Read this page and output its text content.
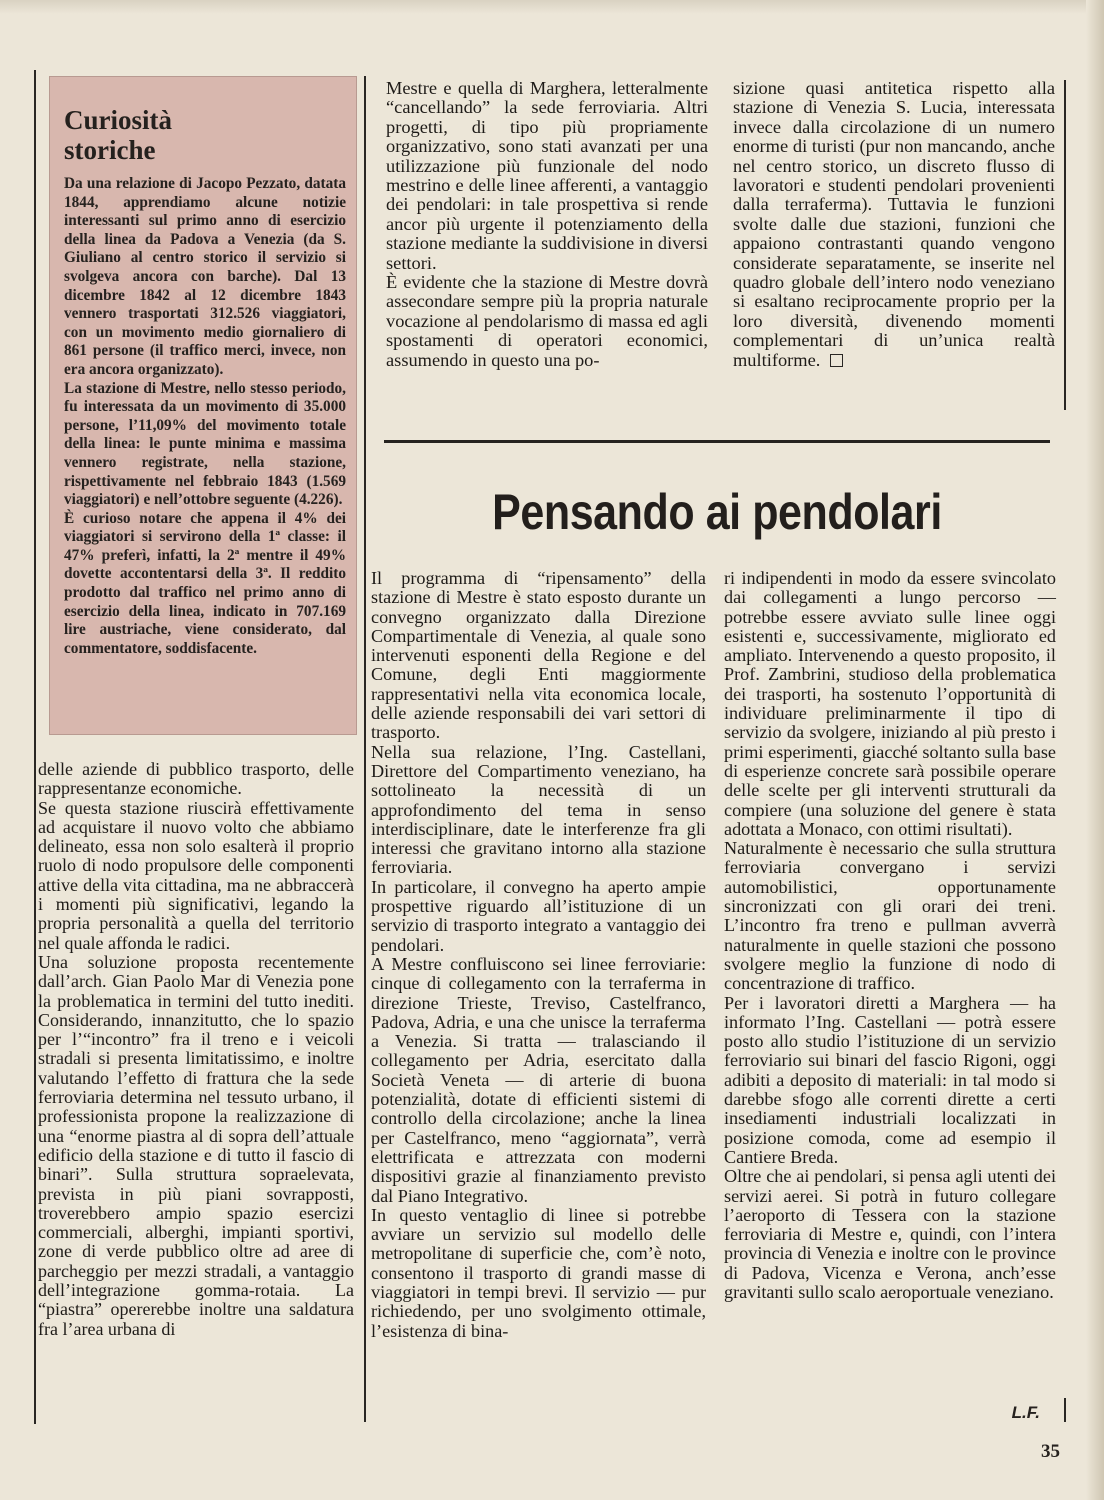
Curiosità
storiche

Da una relazione di Jacopo Pezzato, datata 1844, apprendiamo alcune notizie interessanti sul primo anno di esercizio della linea da Padova a Venezia (da S. Giuliano al centro storico il servizio si svolgeva ancora con barche). Dal 13 dicembre 1842 al 12 dicembre 1843 vennero trasportati 312.526 viaggiatori, con un movimento medio giornaliero di 861 persone (il traffico merci, invece, non era ancora organizzato).

La stazione di Mestre, nello stesso periodo, fu interessata da un movimento di 35.000 persone, l’11,09% del movimento totale della linea: le punte minima e massima vennero registrate, nella stazione, rispettivamente nel febbraio 1843 (1.569 viaggiatori) e nell’ottobre seguente (4.226).

È curioso notare che appena il 4% dei viaggiatori si servirono della 1ª classe: il 47% preferì, infatti, la 2ª mentre il 49% dovette accontentarsi della 3ª. Il reddito prodotto dal traffico nel primo anno di esercizio della linea, indicato in 707.169 lire austriache, viene considerato, dal commentatore, soddisfacente.

delle aziende di pubblico trasporto, delle rappresentanze economiche.

Se questa stazione riuscirà effettivamente ad acquistare il nuovo volto che abbiamo delineato, essa non solo esalterà il proprio ruolo di nodo propulsore delle componenti attive della vita cittadina, ma ne abbraccerà i momenti più significativi, legando la propria personalità a quella del territorio nel quale affonda le radici.

Una soluzione proposta recentemente dall’arch. Gian Paolo Mar di Venezia pone la problematica in termini del tutto inediti. Considerando, innanzitutto, che lo spazio per l’“incontro” fra il treno e i veicoli stradali si presenta limitatissimo, e inoltre valutando l’effetto di frattura che la sede ferroviaria determina nel tessuto urbano, il professionista propone la realizzazione di una “enorme piastra al di sopra dell’attuale edificio della stazione e di tutto il fascio di binari”. Sulla struttura sopraelevata, prevista in più piani sovrapposti, troverebbero ampio spazio esercizi commerciali, alberghi, impianti sportivi, zone di verde pubblico oltre ad aree di parcheggio per mezzi stradali, a vantaggio dell’integrazione gomma-rotaia. La “piastra” opererebbe inoltre una saldatura fra l’area urbana di

Mestre e quella di Marghera, letteralmente “cancellando” la sede ferroviaria. Altri progetti, di tipo più propriamente organizzativo, sono stati avanzati per una utilizzazione più funzionale del nodo mestrino e delle linee afferenti, a vantaggio dei pendolari: in tale prospettiva si rende ancor più urgente il potenziamento della stazione mediante la suddivisione in diversi settori.

È evidente che la stazione di Mestre dovrà assecondare sempre più la propria naturale vocazione al pendolarismo di massa ed agli spostamenti di operatori economici, assumendo in questo una po-

sizione quasi antitetica rispetto alla stazione di Venezia S. Lucia, interessata invece dalla circolazione di un numero enorme di turisti (pur non mancando, anche nel centro storico, un discreto flusso di lavoratori e studenti pendolari provenienti dalla terraferma). Tuttavia le funzioni svolte dalle due stazioni, funzioni che appaiono contrastanti quando vengono considerate separatamente, se inserite nel quadro globale dell’intero nodo veneziano si esaltano reciprocamente proprio per la loro diversità, divenendo momenti complementari di un’unica realtà multiforme.

Pensando ai pendolari

Il programma di “ripensamento” della stazione di Mestre è stato esposto durante un convegno organizzato dalla Direzione Compartimentale di Venezia, al quale sono intervenuti esponenti della Regione e del Comune, degli Enti maggiormente rappresentativi nella vita economica locale, delle aziende responsabili dei vari settori di trasporto.

Nella sua relazione, l’Ing. Castellani, Direttore del Compartimento veneziano, ha sottolineato la necessità di un approfondimento del tema in senso interdisciplinare, date le interferenze fra gli interessi che gravitano intorno alla stazione ferroviaria.

In particolare, il convegno ha aperto ampie prospettive riguardo all’istituzione di un servizio di trasporto integrato a vantaggio dei pendolari.

A Mestre confluiscono sei linee ferroviarie: cinque di collegamento con la terraferma in direzione Trieste, Treviso, Castelfranco, Padova, Adria, e una che unisce la terraferma a Venezia. Si tratta — tralasciando il collegamento per Adria, esercitato dalla Società Veneta — di arterie di buona potenzialità, dotate di efficienti sistemi di controllo della circolazione; anche la linea per Castelfranco, meno “aggiornata”, verrà elettrificata e attrezzata con moderni dispositivi grazie al finanziamento previsto dal Piano Integrativo.

In questo ventaglio di linee si potrebbe avviare un servizio sul modello delle metropolitane di superficie che, com’è noto, consentono il trasporto di grandi masse di viaggiatori in tempi brevi. Il servizio — pur richiedendo, per uno svolgimento ottimale, l’esistenza di bina-

ri indipendenti in modo da essere svincolato dai collegamenti a lungo percorso — potrebbe essere avviato sulle linee oggi esistenti e, successivamente, migliorato ed ampliato. Intervenendo a questo proposito, il Prof. Zambrini, studioso della problematica dei trasporti, ha sostenuto l’opportunità di individuare preliminarmente il tipo di servizio da svolgere, iniziando al più presto i primi esperimenti, giacché soltanto sulla base di esperienze concrete sarà possibile operare delle scelte per gli interventi strutturali da compiere (una soluzione del genere è stata adottata a Monaco, con ottimi risultati).

Naturalmente è necessario che sulla struttura ferroviaria convergano i servizi automobilistici, opportunamente sincronizzati con gli orari dei treni. L’incontro fra treno e pullman avverrà naturalmente in quelle stazioni che possono svolgere meglio la funzione di nodo di concentrazione di traffico.

Per i lavoratori diretti a Marghera — ha informato l’Ing. Castellani — potrà essere posto allo studio l’istituzione di un servizio ferroviario sui binari del fascio Rigoni, oggi adibiti a deposito di materiali: in tal modo si darebbe sfogo alle correnti dirette a certi insediamenti industriali localizzati in posizione comoda, come ad esempio il Cantiere Breda.

Oltre che ai pendolari, si pensa agli utenti dei servizi aerei. Si potrà in futuro collegare l’aeroporto di Tessera con la stazione ferroviaria di Mestre e, quindi, con l’intera provincia di Venezia e inoltre con le province di Padova, Vicenza e Verona, anch’esse gravitanti sullo scalo aeroportuale veneziano.

L.F.
35
